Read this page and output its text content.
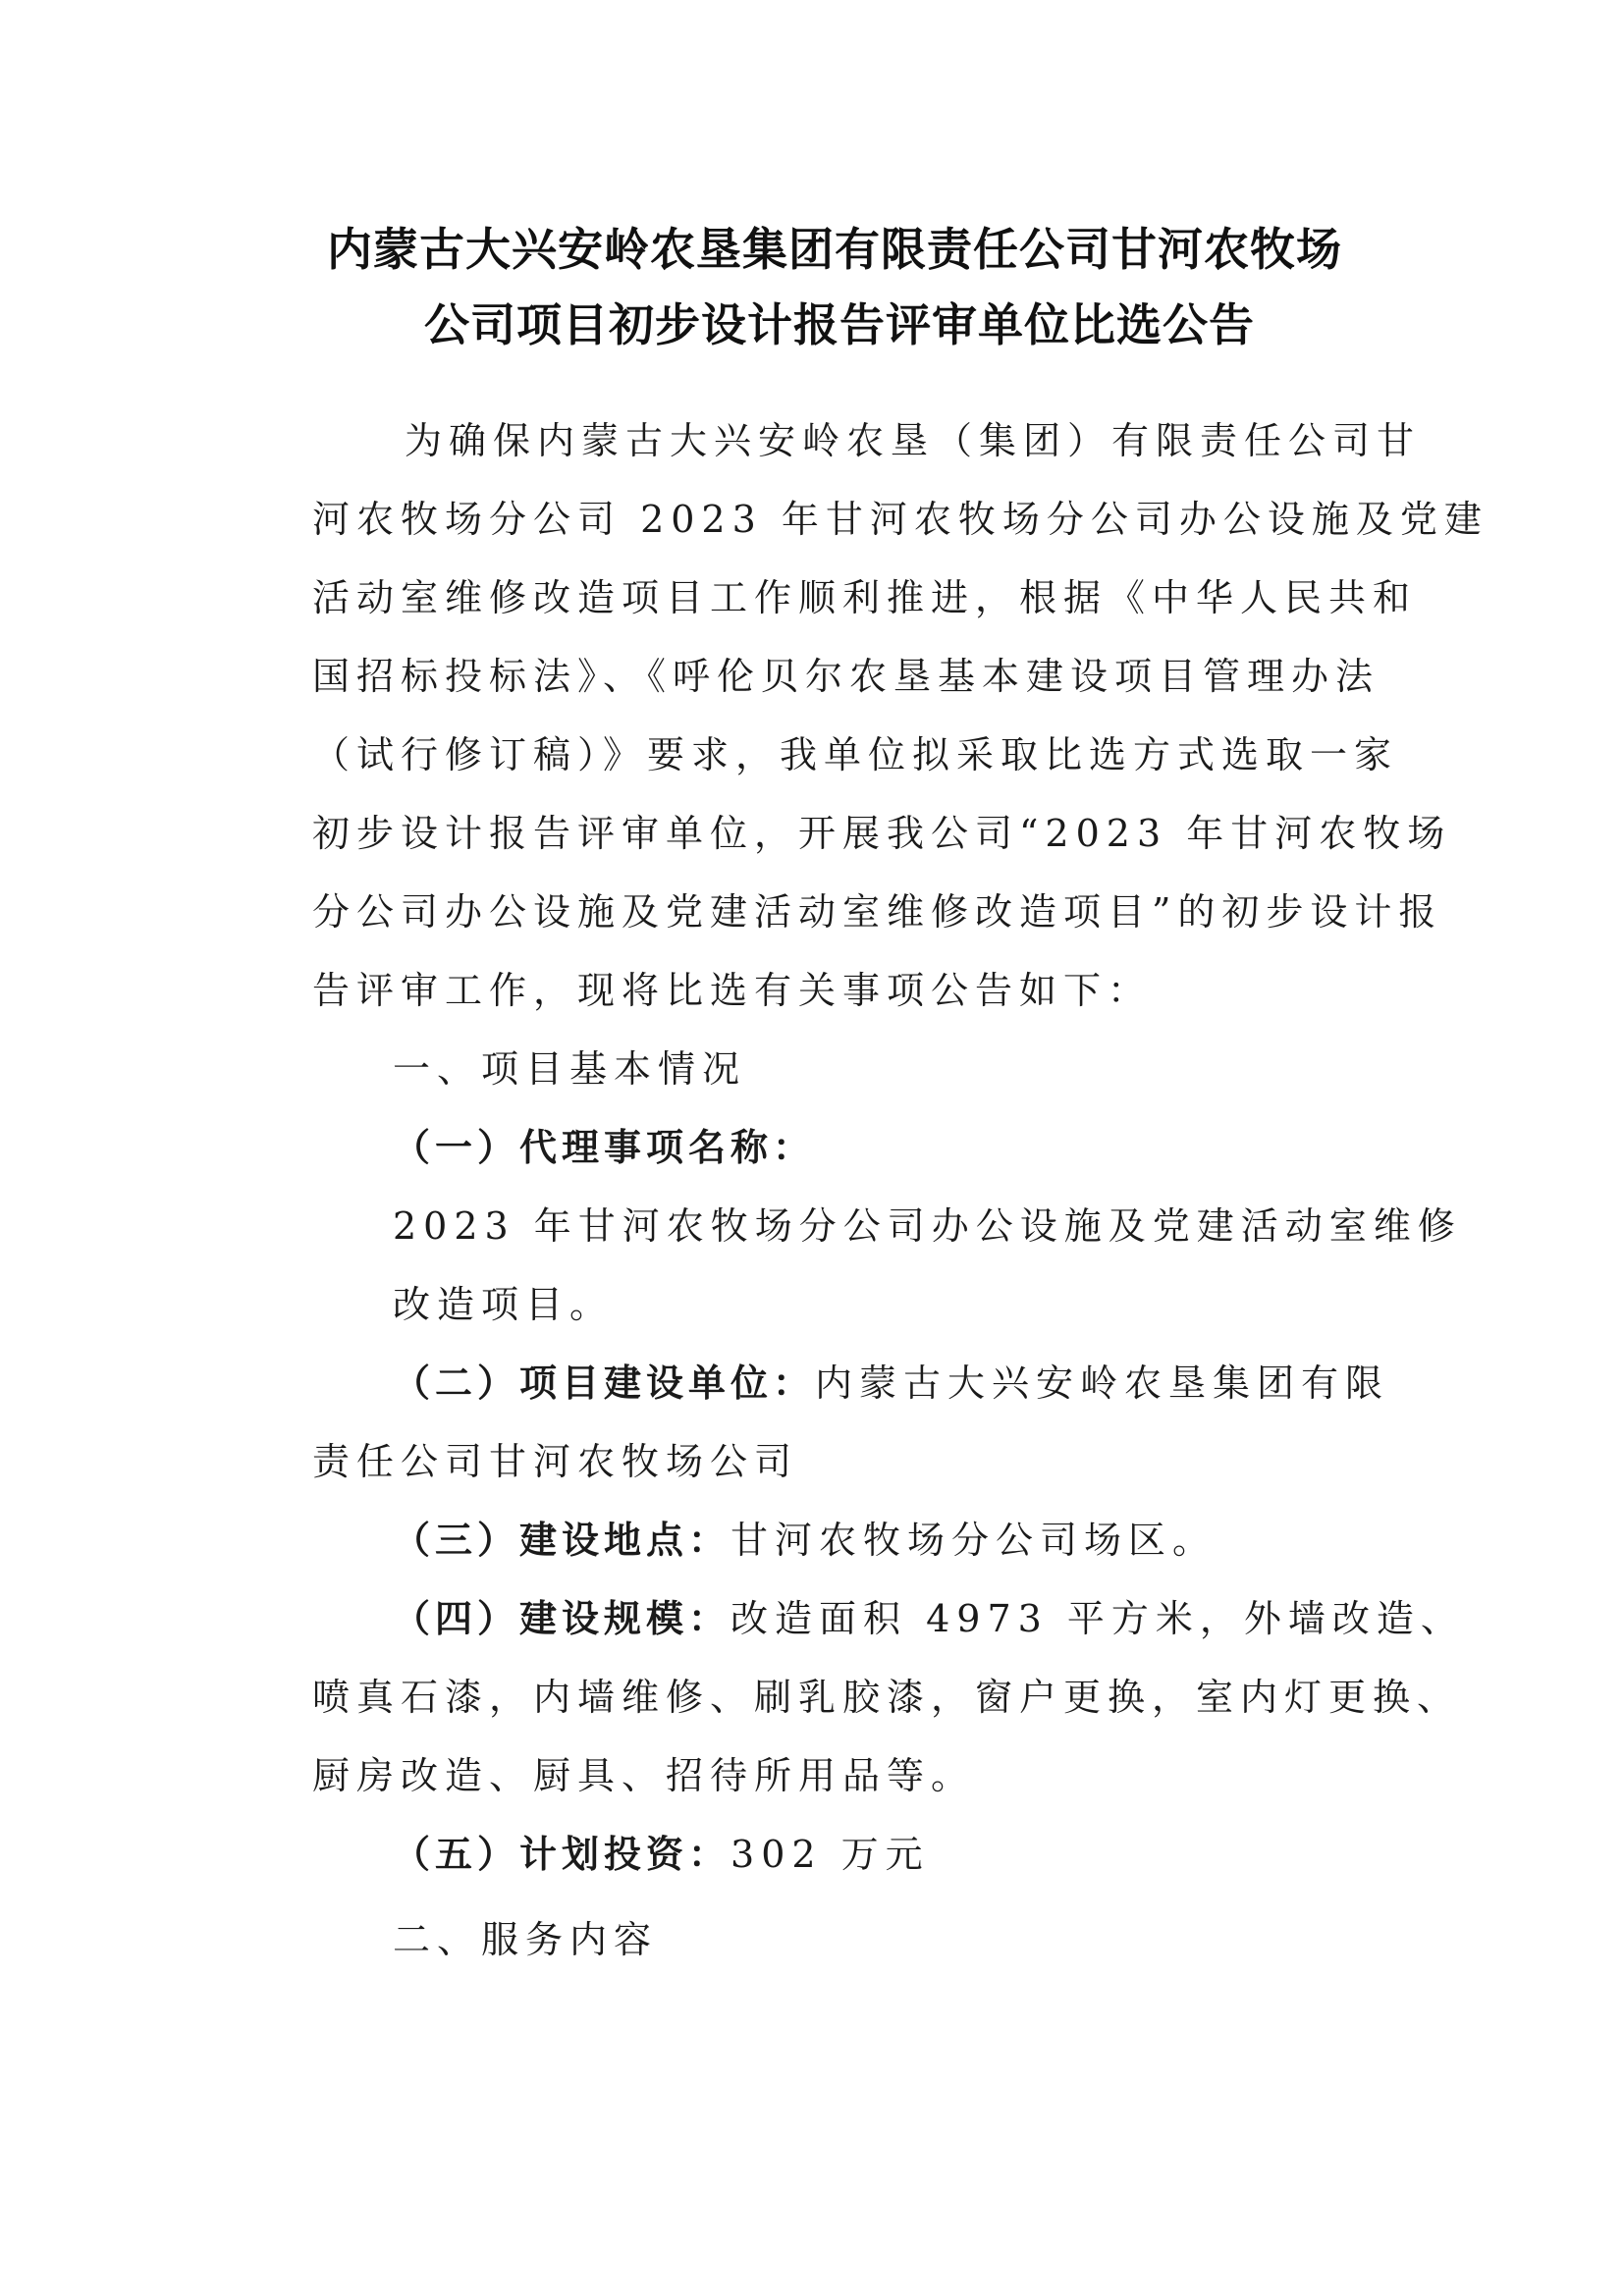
内蒙古大兴安岭农垦集团有限责任公司甘河农牧场
公司项目初步设计报告评审单位比选公告
为确保内蒙古大兴安岭农垦（集团）有限责任公司甘
河农牧场分公司 2023 年甘河农牧场分公司办公设施及党建
活动室维修改造项目工作顺利推进，根据《中华人民共和
国招标投标法》、《呼伦贝尔农垦基本建设项目管理办法
（试行修订稿）》要求，我单位拟采取比选方式选取一家
初步设计报告评审单位，开展我公司“2023 年甘河农牧场
分公司办公设施及党建活动室维修改造项目”的初步设计报
告评审工作，现将比选有关事项公告如下：
一、项目基本情况
（一）代理事项名称：
2023 年甘河农牧场分公司办公设施及党建活动室维修
改造项目。
（二）项目建设单位：内蒙古大兴安岭农垦集团有限
责任公司甘河农牧场公司
（三）建设地点：甘河农牧场分公司场区。
（四）建设规模：改造面积 4973 平方米，外墙改造、
喷真石漆，内墙维修、刷乳胶漆，窗户更换，室内灯更换、
厨房改造、厨具、招待所用品等。
（五）计划投资：302 万元
二、服务内容
